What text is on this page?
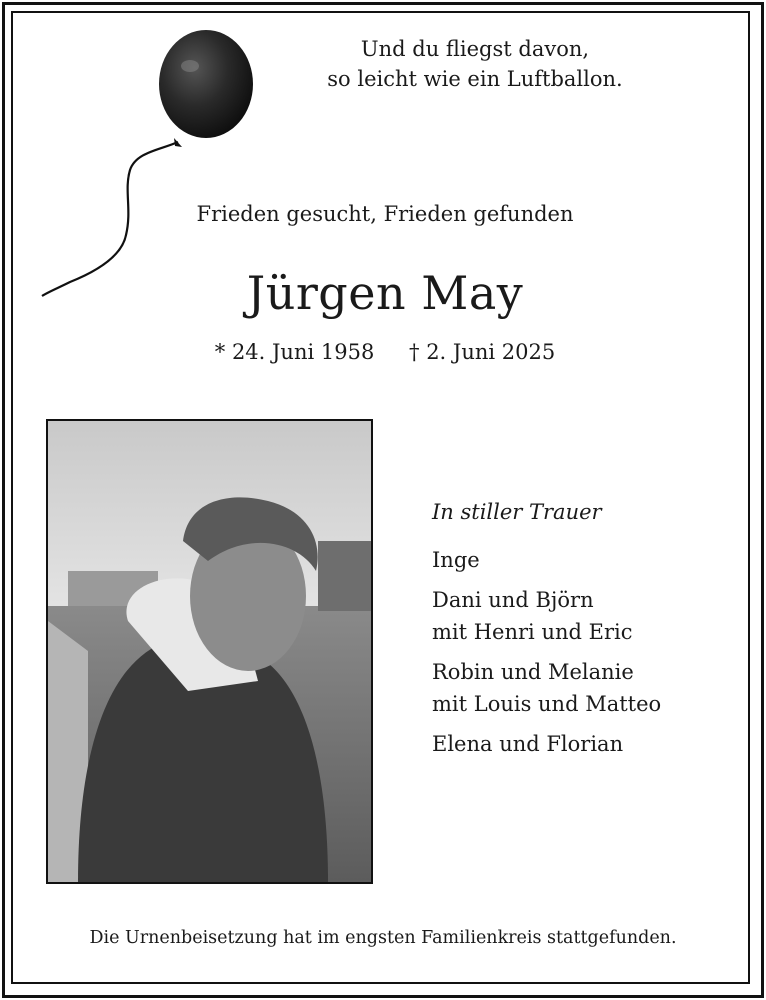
Und du fliegst davon,
so leicht wie ein Luftballon.
Frieden gesucht, Frieden gefunden
Jürgen May
* 24. Juni 1958 † 2. Juni 2025
In stiller Trauer
Inge
Dani und Björn
mit Henri und Eric
Robin und Melanie
mit Louis und Matteo
Elena und Florian
Die Urnenbeisetzung hat im engsten Familienkreis stattgefunden.
